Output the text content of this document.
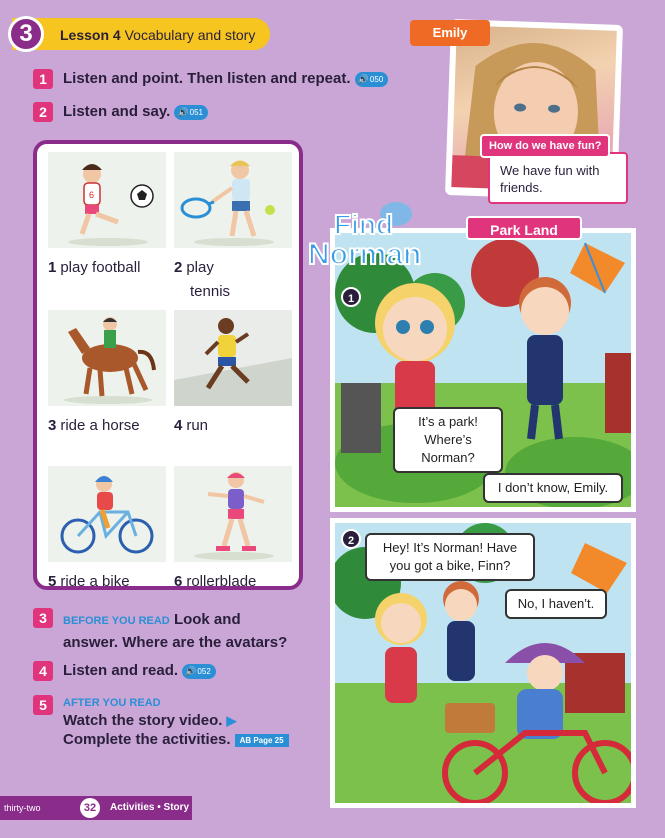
3	Lesson 4 Vocabulary and story
1	Listen and point. Then listen and repeat. 🔊050
2	Listen and say. 🔊051
6
1 play football	2 play
tennis
3 ride a horse	4 run
5 ride a bike	6 rollerblade
3	BEFORE YOU READ Look and
answer. Where are the avatars?
4	Listen and read. 🔊052
5	AFTER YOU READ
Watch the story video. ▶
Complete the activities. AB Page 25
Emily
We have fun with friends.
How do we have fun?
1
It’s a park! Where’s Norman?
I don’t know, Emily.
Find
Norman
Park Land
2	Hey! It’s Norman! Have you got a bike, Finn?
No, I haven’t.
thirty-two	32	Activities • Story
